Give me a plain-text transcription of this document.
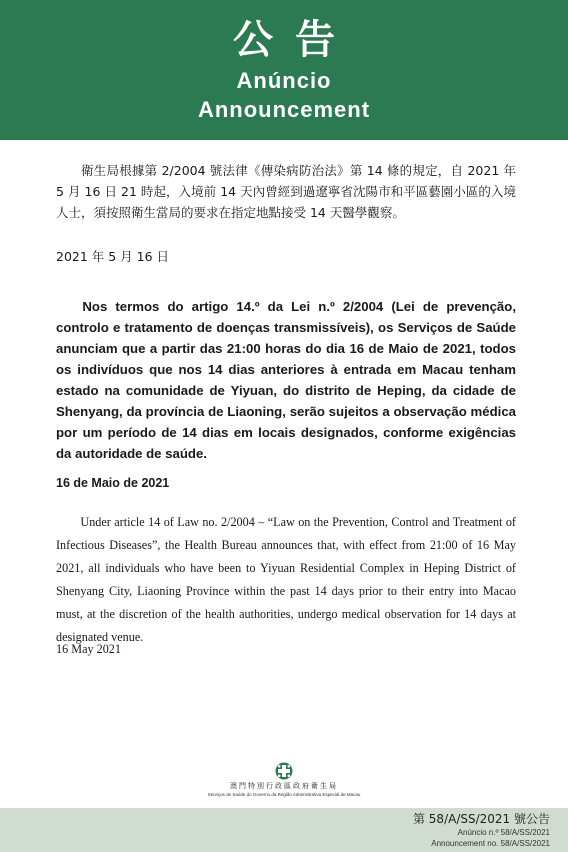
公告
Anúncio
Announcement
衛生局根據第 2/2004 號法律《傳染病防治法》第 14 條的規定，自 2021 年 5 月 16 日 21 時起，入境前 14 天內曾經到過遼寧省沈陽市和平區藝園小區的入境人士，須按照衛生當局的要求在指定地點接受 14 天醫學觀察。
2021 年 5 月 16 日
Nos termos do artigo 14.º da Lei n.º 2/2004 (Lei de prevenção, controlo e tratamento de doenças transmissíveis), os Serviços de Saúde anunciam que a partir das 21:00 horas do dia 16 de Maio de 2021, todos os indivíduos que nos 14 dias anteriores à entrada em Macau tenham estado na comunidade de Yiyuan, do distrito de Heping, da cidade de Shenyang, da província de Liaoning, serão sujeitos a observação médica por um período de 14 dias em locais designados, conforme exigências da autoridade de saúde.
16 de Maio de 2021
Under article 14 of Law no. 2/2004 – “Law on the Prevention, Control and Treatment of Infectious Diseases”, the Health Bureau announces that, with effect from 21:00 of 16 May 2021, all individuals who have been to Yiyuan Residential Complex in Heping District of Shenyang City, Liaoning Province within the past 14 days prior to their entry into Macao must, at the discretion of the health authorities, undergo medical observation for 14 days at designated venue.
16 May 2021
澳門特別行政區政府衛生局
Serviços de Saúde do Governo da Região Administrativa Especial de Macau
第 58/A/SS/2021 號公告
Anúncio n.º 58/A/SS/2021
Announcement no. 58/A/SS/2021
